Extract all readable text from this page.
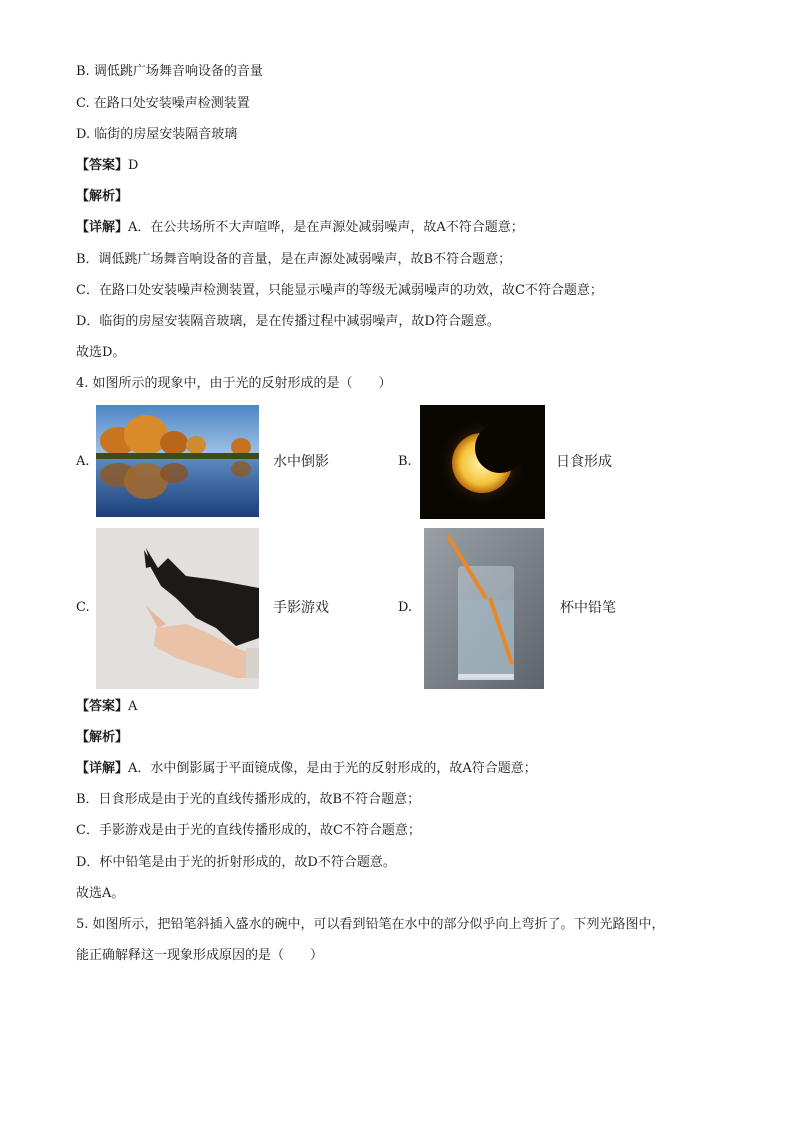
B. 调低跳广场舞音响设备的音量
C. 在路口处安装噪声检测装置
D. 临街的房屋安装隔音玻璃
【答案】D
【解析】
【详解】A．在公共场所不大声喧哗，是在声源处减弱噪声，故A不符合题意；
B．调低跳广场舞音响设备的音量，是在声源处减弱噪声，故B不符合题意；
C．在路口处安装噪声检测装置，只能显示噪声的等级无减弱噪声的功效，故C不符合题意；
D．临街的房屋安装隔音玻璃，是在传播过程中减弱噪声，故D符合题意。
故选D。
4. 如图所示的现象中，由于光的反射形成的是（　　）
A.	水中倒影	B.	日食形成
C.	手影游戏	D.	杯中铅笔
【答案】A
【解析】
【详解】A．水中倒影属于平面镜成像，是由于光的反射形成的，故A符合题意；
B．日食形成是由于光的直线传播形成的，故B不符合题意；
C．手影游戏是由于光的直线传播形成的，故C不符合题意；
D．杯中铅笔是由于光的折射形成的，故D不符合题意。
故选A。
5. 如图所示，把铅笔斜插入盛水的碗中，可以看到铅笔在水中的部分似乎向上弯折了。下列光路图中，
能正确解释这一现象形成原因的是（　　）
